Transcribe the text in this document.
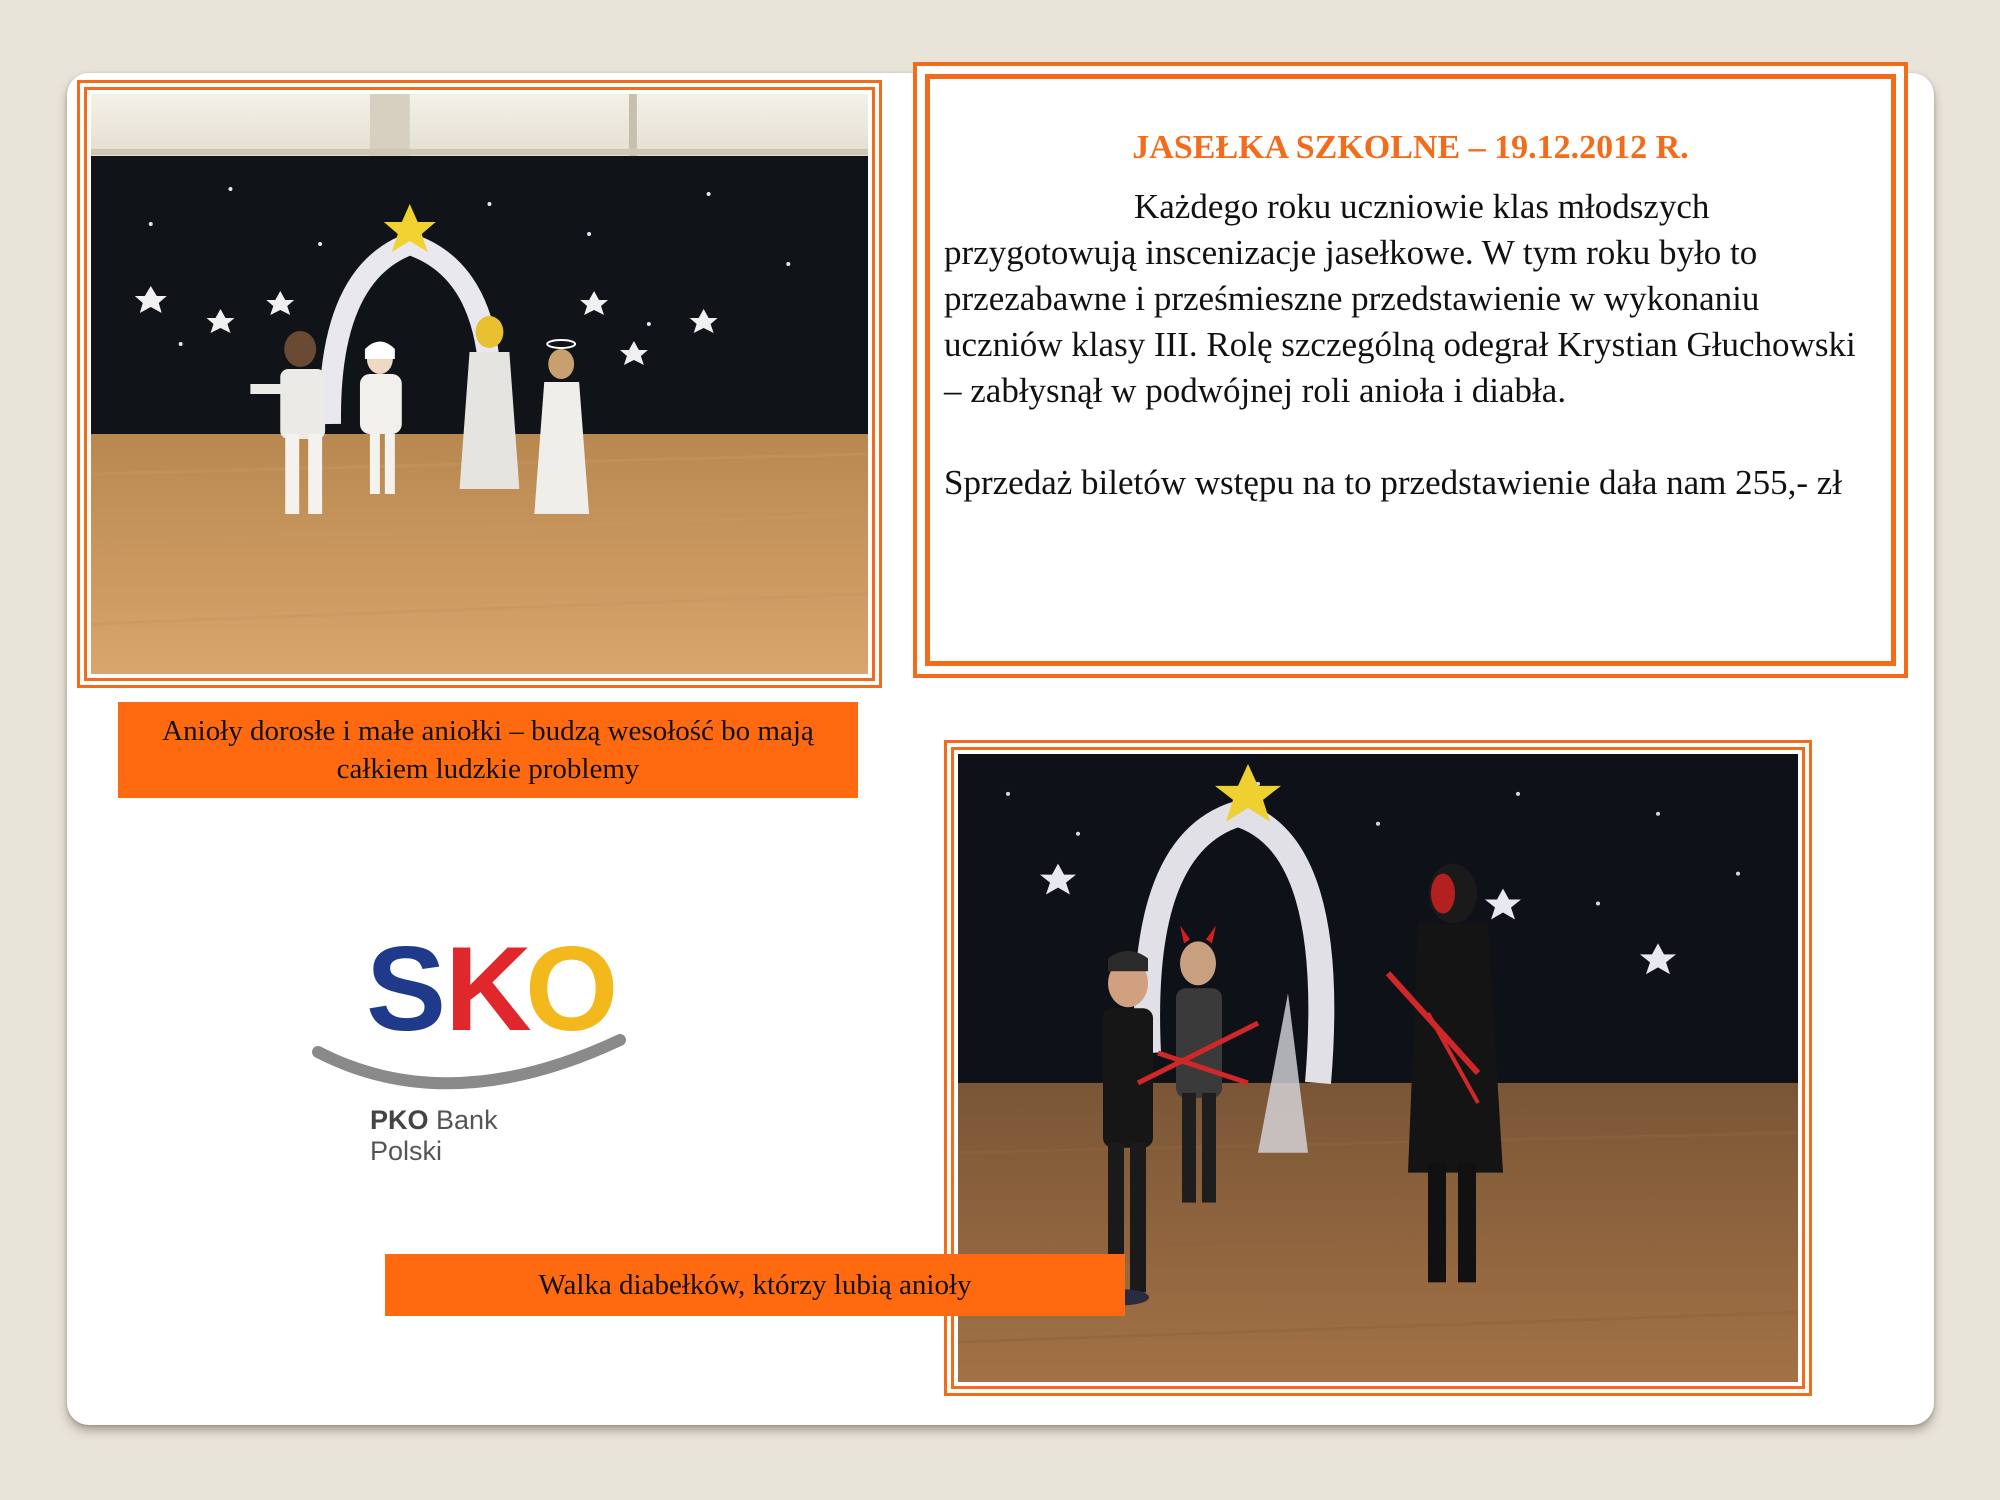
JASEŁKA SZKOLNE – 19.12.2012 R.

Każdego roku uczniowie klas młodszych przygotowują inscenizacje jasełkowe. W tym roku było to przezabawne i prześmieszne przedstawienie w wykonaniu uczniów klasy III. Rolę szczególną odegrał Krystian Głuchowski – zabłysnął w podwójnej roli anioła i diabła.

Sprzedaż biletów wstępu na to przedstawienie dała nam 255,- zł

Anioły dorosłe i małe aniołki – budzą wesołość bo mają całkiem ludzkie problemy
S
K
O
PKO Bank Polski
Walka diabełków, którzy lubią anioły
